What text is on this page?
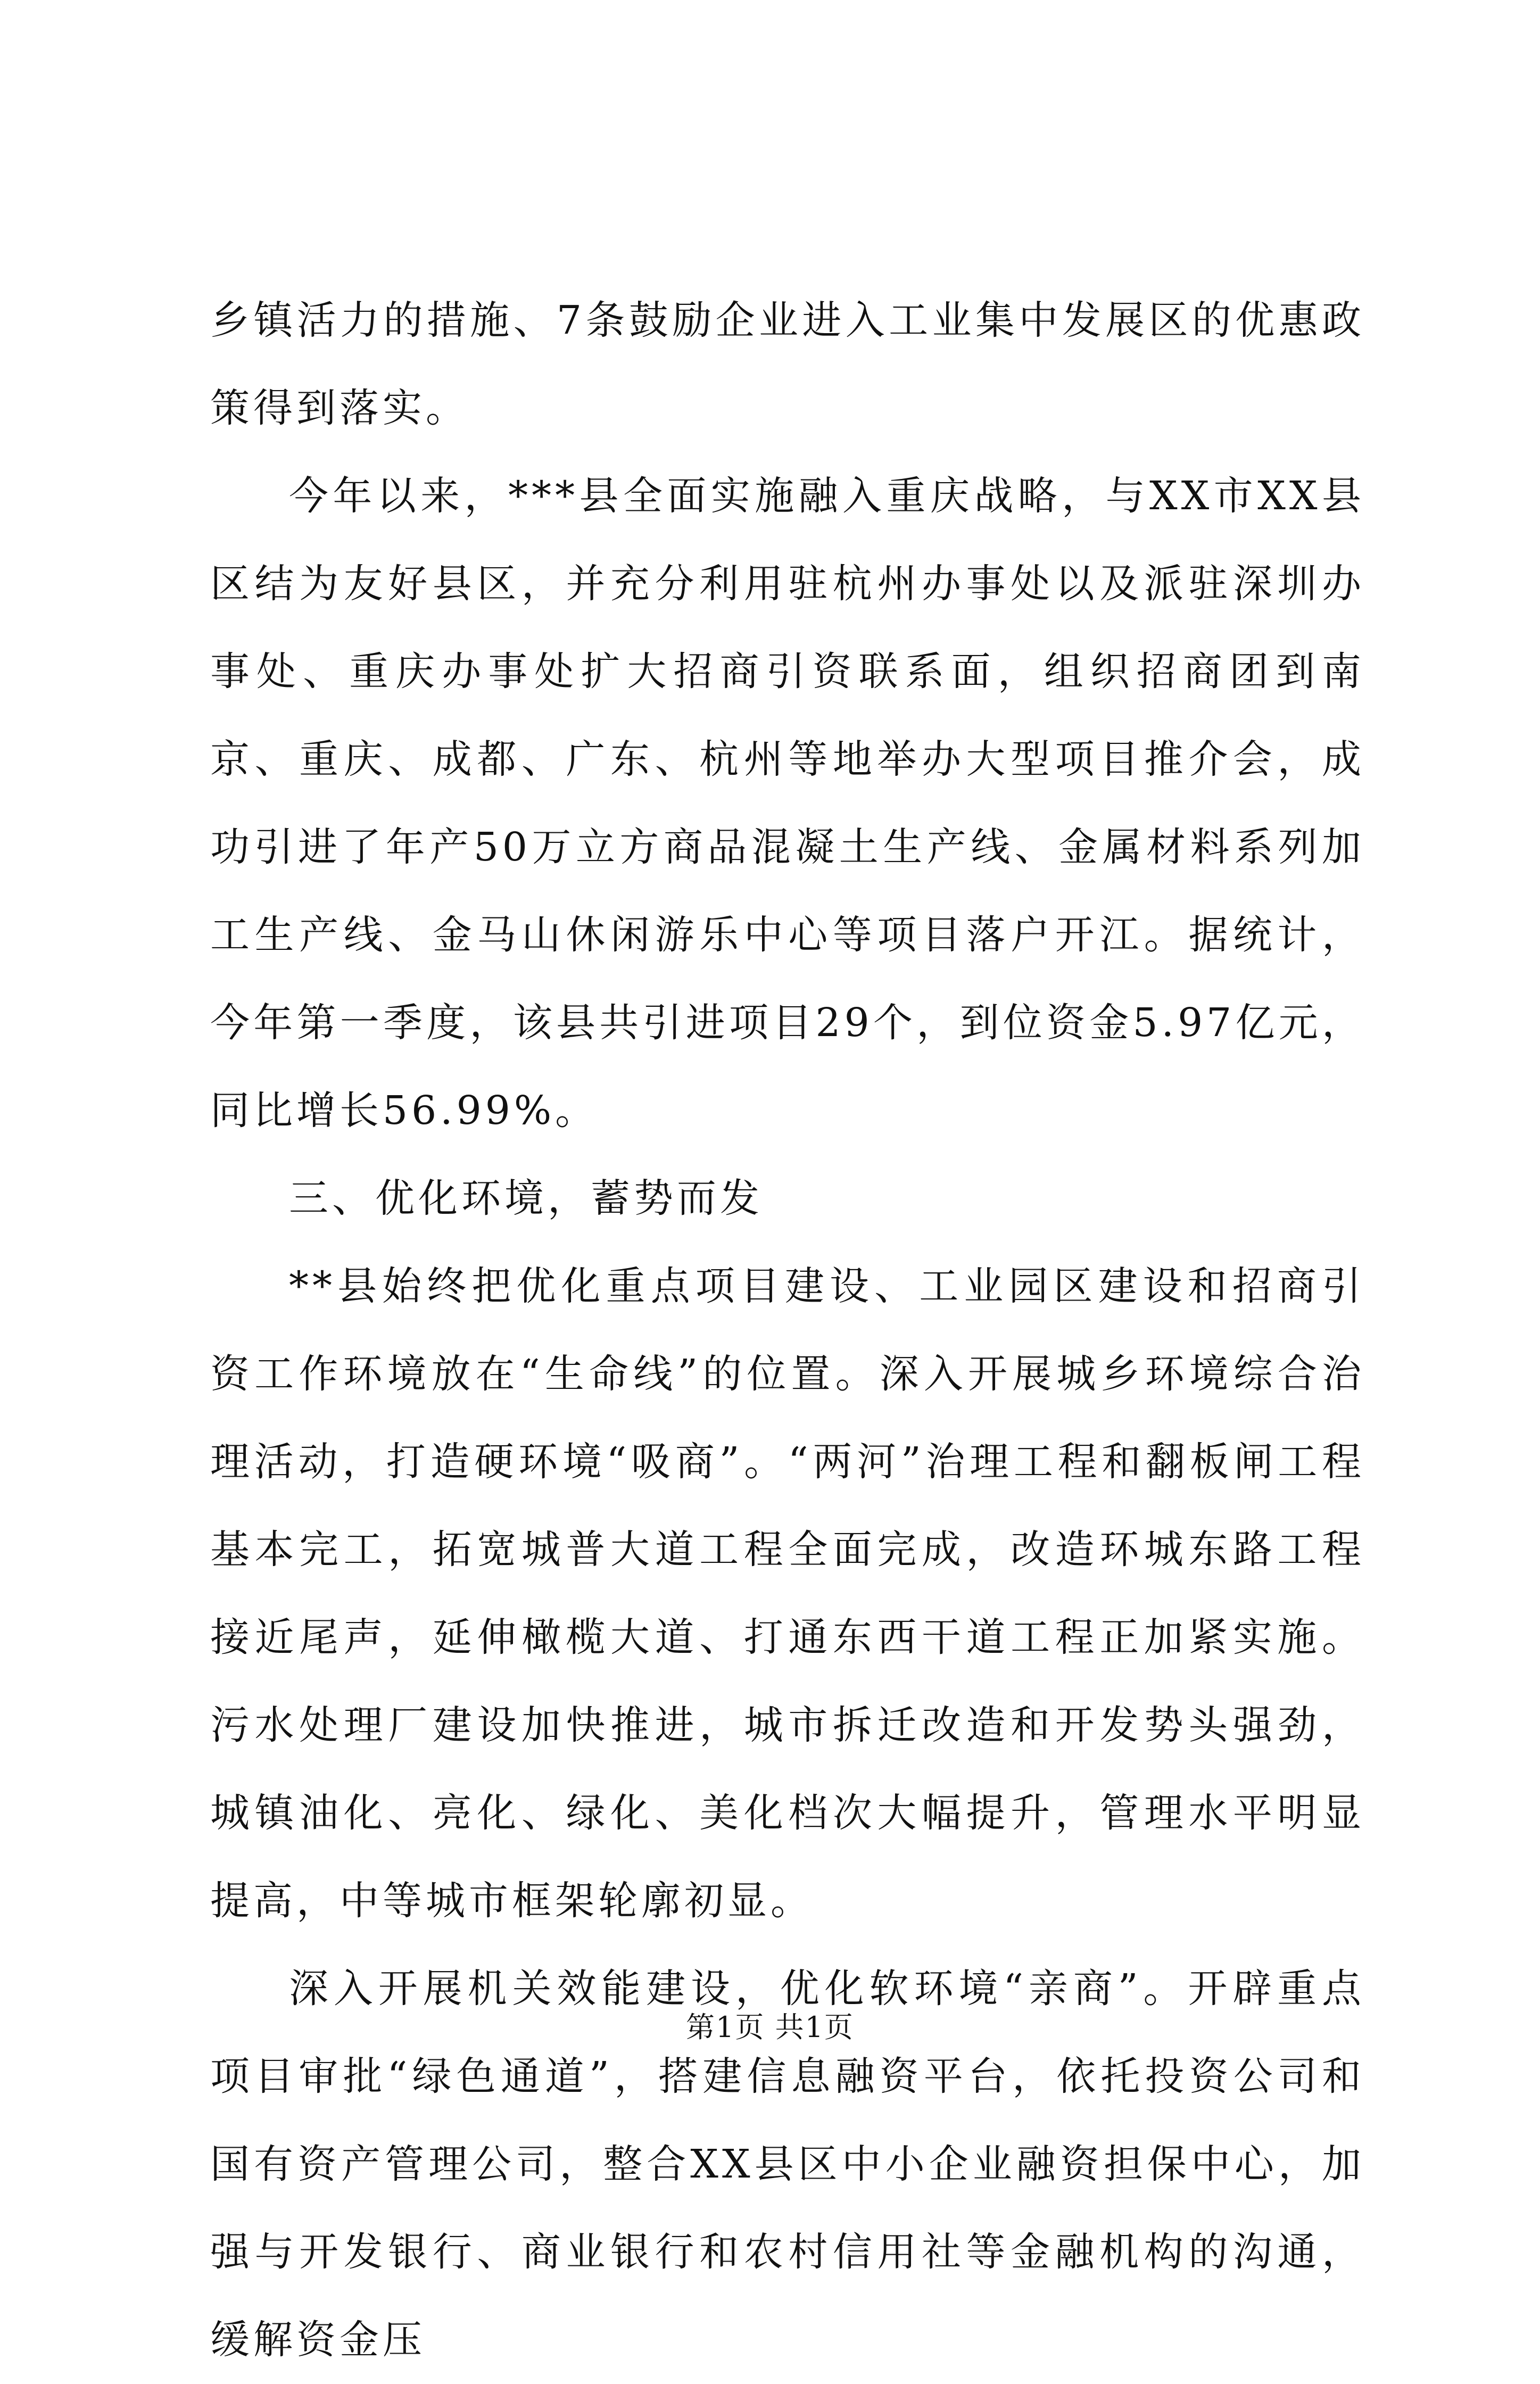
乡镇活力的措施、7条鼓励企业进入工业集中发展区的优惠政策得到落实。

今年以来，***县全面实施融入重庆战略，与XX市XX县区结为友好县区，并充分利用驻杭州办事处以及派驻深圳办事处、重庆办事处扩大招商引资联系面，组织招商团到南京、重庆、成都、广东、杭州等地举办大型项目推介会，成功引进了年产50万立方商品混凝土生产线、金属材料系列加工生产线、金马山休闲游乐中心等项目落户开江。据统计，今年第一季度，该县共引进项目29个，到位资金5.97亿元，同比增长56.99%。

三、优化环境，蓄势而发

**县始终把优化重点项目建设、工业园区建设和招商引资工作环境放在“生命线”的位置。深入开展城乡环境综合治理活动，打造硬环境“吸商”。“两河”治理工程和翻板闸工程基本完工，拓宽城普大道工程全面完成，改造环城东路工程接近尾声，延伸橄榄大道、打通东西干道工程正加紧实施。污水处理厂建设加快推进，城市拆迁改造和开发势头强劲，城镇油化、亮化、绿化、美化档次大幅提升，管理水平明显提高，中等城市框架轮廓初显。

深入开展机关效能建设，优化软环境“亲商”。开辟重点项目审批“绿色通道”，搭建信息融资平台，依托投资公司和国有资产管理公司，整合XX县区中小企业融资担保中心，加强与开发银行、商业银行和农村信用社等金融机构的沟通，缓解资金压

第1页 共1页
